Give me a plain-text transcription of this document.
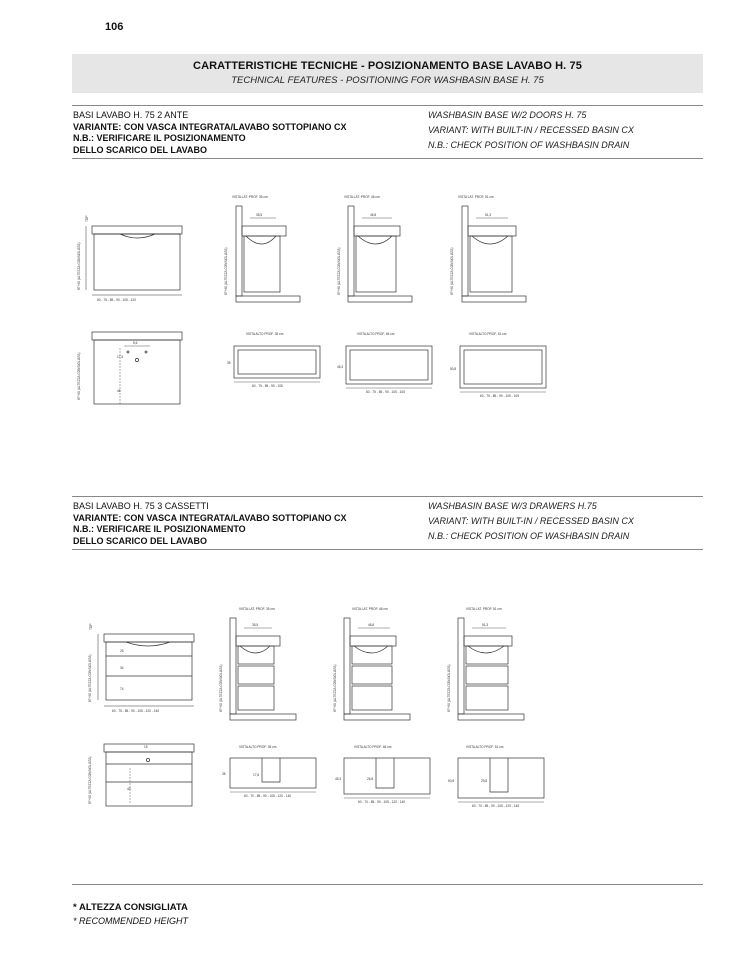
106
CARATTERISTICHE TECNICHE - POSIZIONAMENTO BASE LAVABO H. 75
TECHNICAL FEATURES - POSITIONING FOR WASHBASIN BASE H. 75
BASI LAVABO H. 75 2 ANTE
VARIANTE: CON VASCA INTEGRATA/LAVABO SOTTOPIANO CX
N.B.: VERIFICARE IL POSIZIONAMENTO
DELLO SCARICO DEL LAVABO
WASHBASIN BASE W/2 DOORS H. 75
VARIANT: WITH BUILT-IN / RECESSED BASIN CX
N.B.: CHECK POSITION OF WASHBASIN DRAIN
60 - 75 - 85 - 90 - 105 - 120
87+90 (ALTEZZA CONSIGLIATA)
TOP
5,6
17,5
46
87+90 (ALTEZZA CONSIGLIATA)
VISTA LAT. PROF. 35 cm
35,5
87+90 (ALTEZZA CONSIGLIATA)
VISTA LAT. PROF. 46 cm
46,8
87+90 (ALTEZZA CONSIGLIATA)
VISTA LAT. PROF. 51 cm
51,3
87+90 (ALTEZZA CONSIGLIATA)
VISTA ALTO PROF. 35 cm
35
60 - 75 - 85 - 90 - 105
VISTA ALTO PROF. 46 cm
45,3
60 - 75 - 85 - 90 - 105 - 105
VISTA ALTO PROF. 51 cm
50,8
60 - 75 - 85 - 90 - 105 - 105
BASI LAVABO H. 75 3 CASSETTI
VARIANTE: CON VASCA INTEGRATA/LAVABO SOTTOPIANO CX
N.B.: VERIFICARE IL POSIZIONAMENTO
DELLO SCARICO DEL LAVABO
WASHBASIN BASE W/3 DRAWERS H.75
VARIANT: WITH BUILT-IN / RECESSED BASIN CX
N.B.: CHECK POSITION OF WASHBASIN DRAIN
60 - 75 - 85 - 90 - 105 - 120 - 140
26
34
74
87+90 (ALTEZZA CONSIGLIATA)
TOP
15
40
87+90 (ALTEZZA CONSIGLIATA)
VISTA LAT. PROF. 35 cm
35,5
87+90 (ALTEZZA CONSIGLIATA)
VISTA LAT. PROF. 46 cm
46,8
87+90 (ALTEZZA CONSIGLIATA)
VISTA LAT. PROF. 51 cm
51,3
87+90 (ALTEZZA CONSIGLIATA)
VISTA ALTO PROF. 35 cm
35	17,6
60 - 70 - 85 - 90 - 105 - 120 - 140
VISTA ALTO PROF. 46 cm
45,3	26,8
60 - 70 - 85 - 90 - 105 - 120 - 140
VISTA ALTO PROF. 51 cm
50,8	29,8
60 - 70 - 85 - 90 - 105 - 120 - 140
* ALTEZZA CONSIGLIATA
* RECOMMENDED HEIGHT
